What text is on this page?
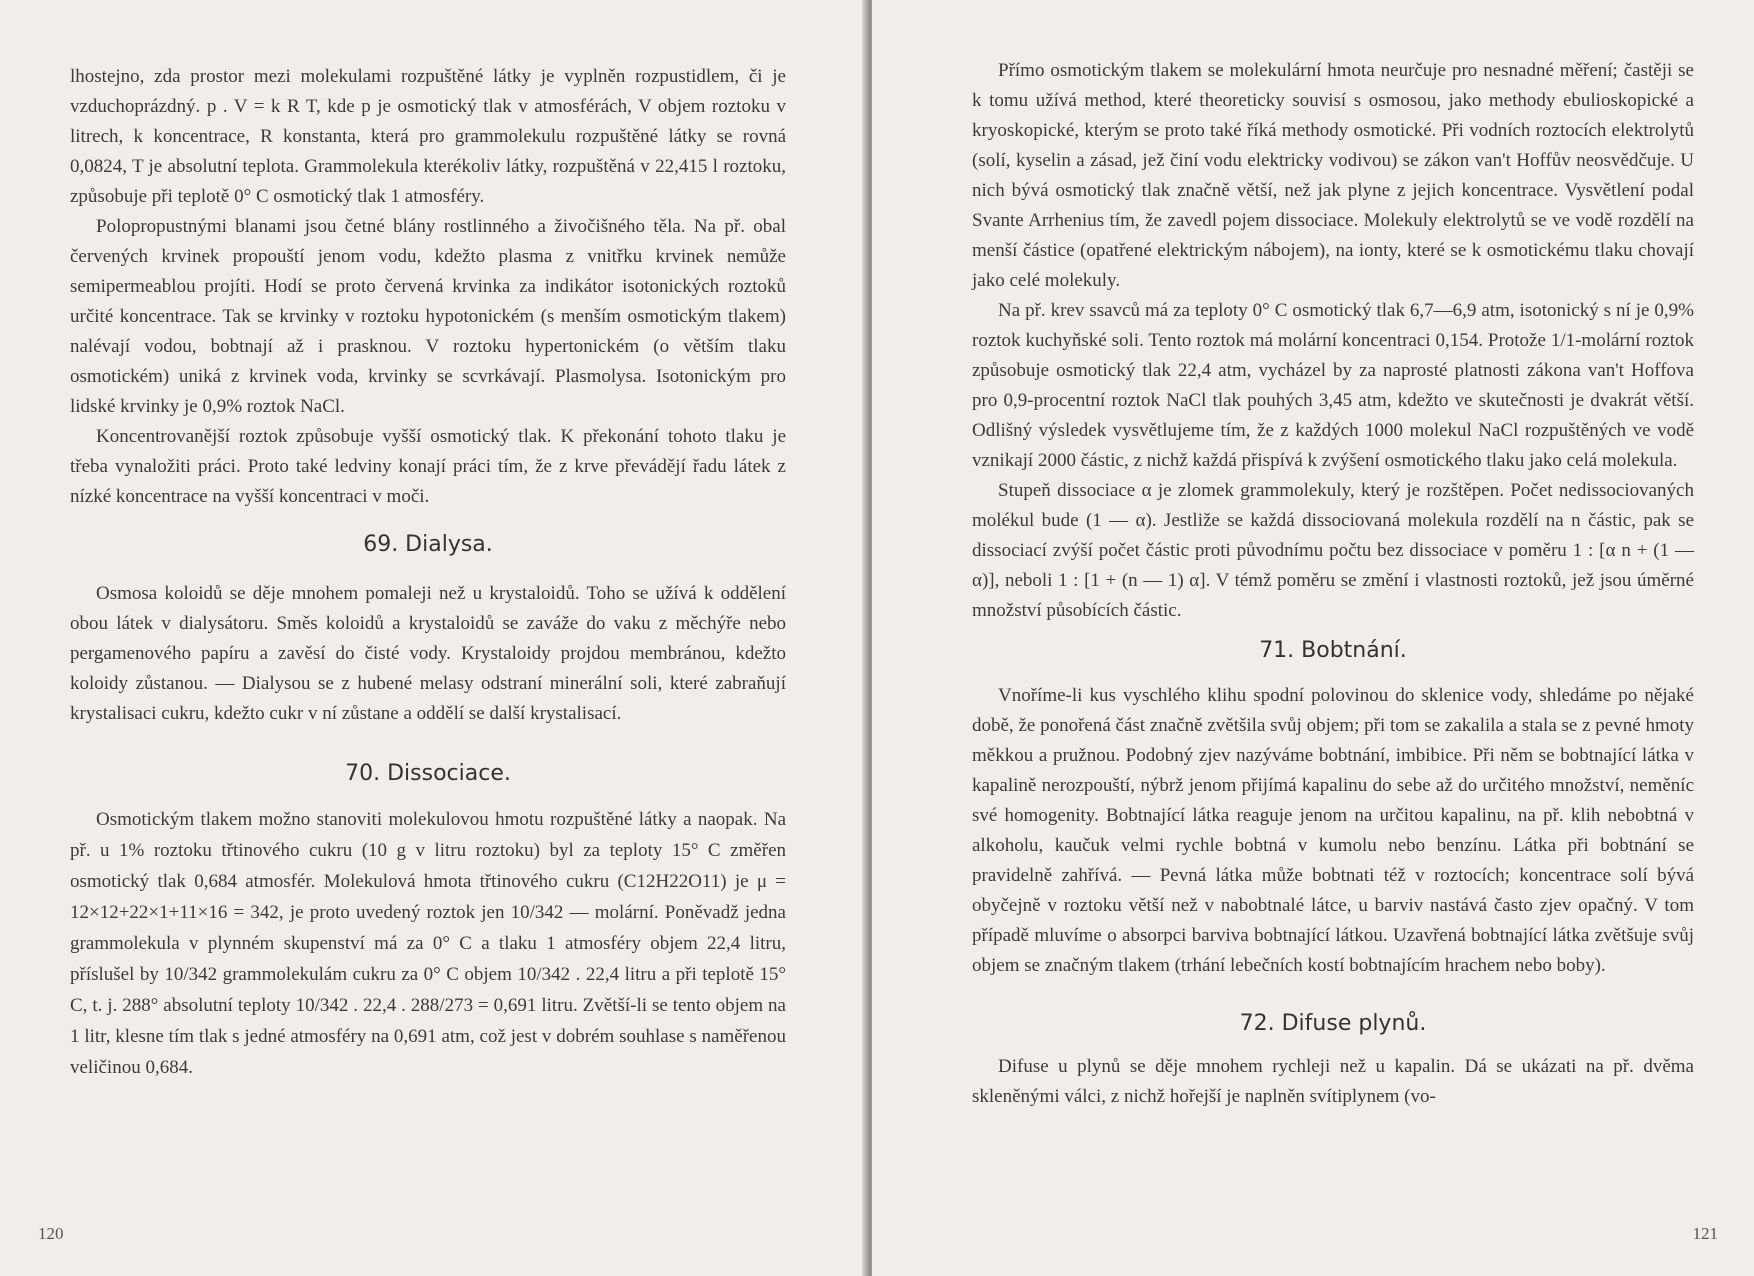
lhostejno, zda prostor mezi molekulami rozpuštěné látky je vyplněn rozpustidlem, či je vzduchoprázdný. p . V = k R T, kde p je osmotický tlak v atmosférách, V objem roztoku v litrech, k koncentrace, R konstanta, která pro grammolekulu rozpuštěné látky se rovná 0,0824, T je absolutní teplota. Grammolekula kterékoliv látky, rozpuštěná v 22,415 l roztoku, způsobuje při teplotě 0° C osmotický tlak 1 atmosféry.

Polopropustnými blanami jsou četné blány rostlinného a živočišného těla. Na př. obal červených krvinek propouští jenom vodu, kdežto plasma z vnitřku krvinek nemůže semipermeablou projíti. Hodí se proto červená krvinka za indikátor isotonických roztoků určité koncentrace. Tak se krvinky v roztoku hypotonickém (s menším osmotickým tlakem) nalévají vodou, bobtnají až i prasknou. V roztoku hypertonickém (o větším tlaku osmotickém) uniká z krvinek voda, krvinky se scvrkávají. Plasmolysa. Isotonickým pro lidské krvinky je 0,9% roztok NaCl.

Koncentrovanější roztok způsobuje vyšší osmotický tlak. K překonání tohoto tlaku je třeba vynaložiti práci. Proto také ledviny konají práci tím, že z krve převádějí řadu látek z nízké koncentrace na vyšší koncentraci v moči.

69. Dialysa.

Osmosa koloidů se děje mnohem pomaleji než u krystaloidů. Toho se užívá k oddělení obou látek v dialysátoru. Směs koloidů a krystaloidů se zaváže do vaku z měchýře nebo pergamenového papíru a zavěsí do čisté vody. Krystaloidy projdou membránou, kdežto koloidy zůstanou. — Dialysou se z hubené melasy odstraní minerální soli, které zabraňují krystalisaci cukru, kdežto cukr v ní zůstane a oddělí se další krystalisací.

70. Dissociace.

Osmotickým tlakem možno stanoviti molekulovou hmotu rozpuštěné látky a naopak. Na př. u 1% roztoku třtinového cukru (10 g v litru roztoku) byl za teploty 15° C změřen osmotický tlak 0,684 atmosfér. Molekulová hmota třtinového cukru (C12H22O11) je μ = 12×12+22×1+11×16 = 342, je proto uvedený roztok jen 10/342 — molární. Poněvadž jedna grammolekula v plynném skupenství má za 0° C a tlaku 1 atmosféry objem 22,4 litru, příslušel by 10/342 grammolekulám cukru za 0° C objem 10/342 . 22,4 litru a při teplotě 15° C, t. j. 288° absolutní teploty 10/342 . 22,4 . 288/273 = 0,691 litru. Zvětší-li se tento objem na 1 litr, klesne tím tlak s jedné atmosféry na 0,691 atm, což jest v dobrém souhlase s naměřenou veličinou 0,684.

120

Přímo osmotickým tlakem se molekulární hmota neurčuje pro nesnadné měření; častěji se k tomu užívá method, které theoreticky souvisí s osmosou, jako methody ebulioskopické a kryoskopické, kterým se proto také říká methody osmotické. Při vodních roztocích elektrolytů (solí, kyselin a zásad, jež činí vodu elektricky vodivou) se zákon van't Hoffův neosvědčuje. U nich bývá osmotický tlak značně větší, než jak plyne z jejich koncentrace. Vysvětlení podal Svante Arrhenius tím, že zavedl pojem dissociace. Molekuly elektrolytů se ve vodě rozdělí na menší částice (opatřené elektrickým nábojem), na ionty, které se k osmotickému tlaku chovají jako celé molekuly.

Na př. krev ssavců má za teploty 0° C osmotický tlak 6,7—6,9 atm, isotonický s ní je 0,9% roztok kuchyňské soli. Tento roztok má molární koncentraci 0,154. Protože 1/1-molární roztok způsobuje osmotický tlak 22,4 atm, vycházel by za naprosté platnosti zákona van't Hoffova pro 0,9-procentní roztok NaCl tlak pouhých 3,45 atm, kdežto ve skutečnosti je dvakrát větší. Odlišný výsledek vysvětlujeme tím, že z každých 1000 molekul NaCl rozpuštěných ve vodě vznikají 2000 částic, z nichž každá přispívá k zvýšení osmotického tlaku jako celá molekula.

Stupeň dissociace α je zlomek grammolekuly, který je rozštěpen. Počet nedissociovaných molékul bude (1 — α). Jestliže se každá dissociovaná molekula rozdělí na n částic, pak se dissociací zvýší počet částic proti původnímu počtu bez dissociace v poměru 1 : [α n + (1 — α)], neboli 1 : [1 + (n — 1) α]. V témž poměru se změní i vlastnosti roztoků, jež jsou úměrné množství působících částic.

71. Bobtnání.

Vnoříme-li kus vyschlého klihu spodní polovinou do sklenice vody, shledáme po nějaké době, že ponořená část značně zvětšila svůj objem; při tom se zakalila a stala se z pevné hmoty měkkou a pružnou. Podobný zjev nazýváme bobtnání, imbibice. Při něm se bobtnající látka v kapalině nerozpouští, nýbrž jenom přijímá kapalinu do sebe až do určitého množství, neměníc své homogenity. Bobtnající látka reaguje jenom na určitou kapalinu, na př. klih nebobtná v alkoholu, kaučuk velmi rychle bobtná v kumolu nebo benzínu. Látka při bobtnání se pravidelně zahřívá. — Pevná látka může bobtnati též v roztocích; koncentrace solí bývá obyčejně v roztoku větší než v nabobtnalé látce, u barviv nastává často zjev opačný. V tom případě mluvíme o absorpci barviva bobtnající látkou. Uzavřená bobtnající látka zvětšuje svůj objem se značným tlakem (trhání lebečních kostí bobtnajícím hrachem nebo boby).

72. Difuse plynů.

Difuse u plynů se děje mnohem rychleji než u kapalin. Dá se ukázati na př. dvěma skleněnými válci, z nichž hořejší je naplněn svítiplynem (vo-

121
